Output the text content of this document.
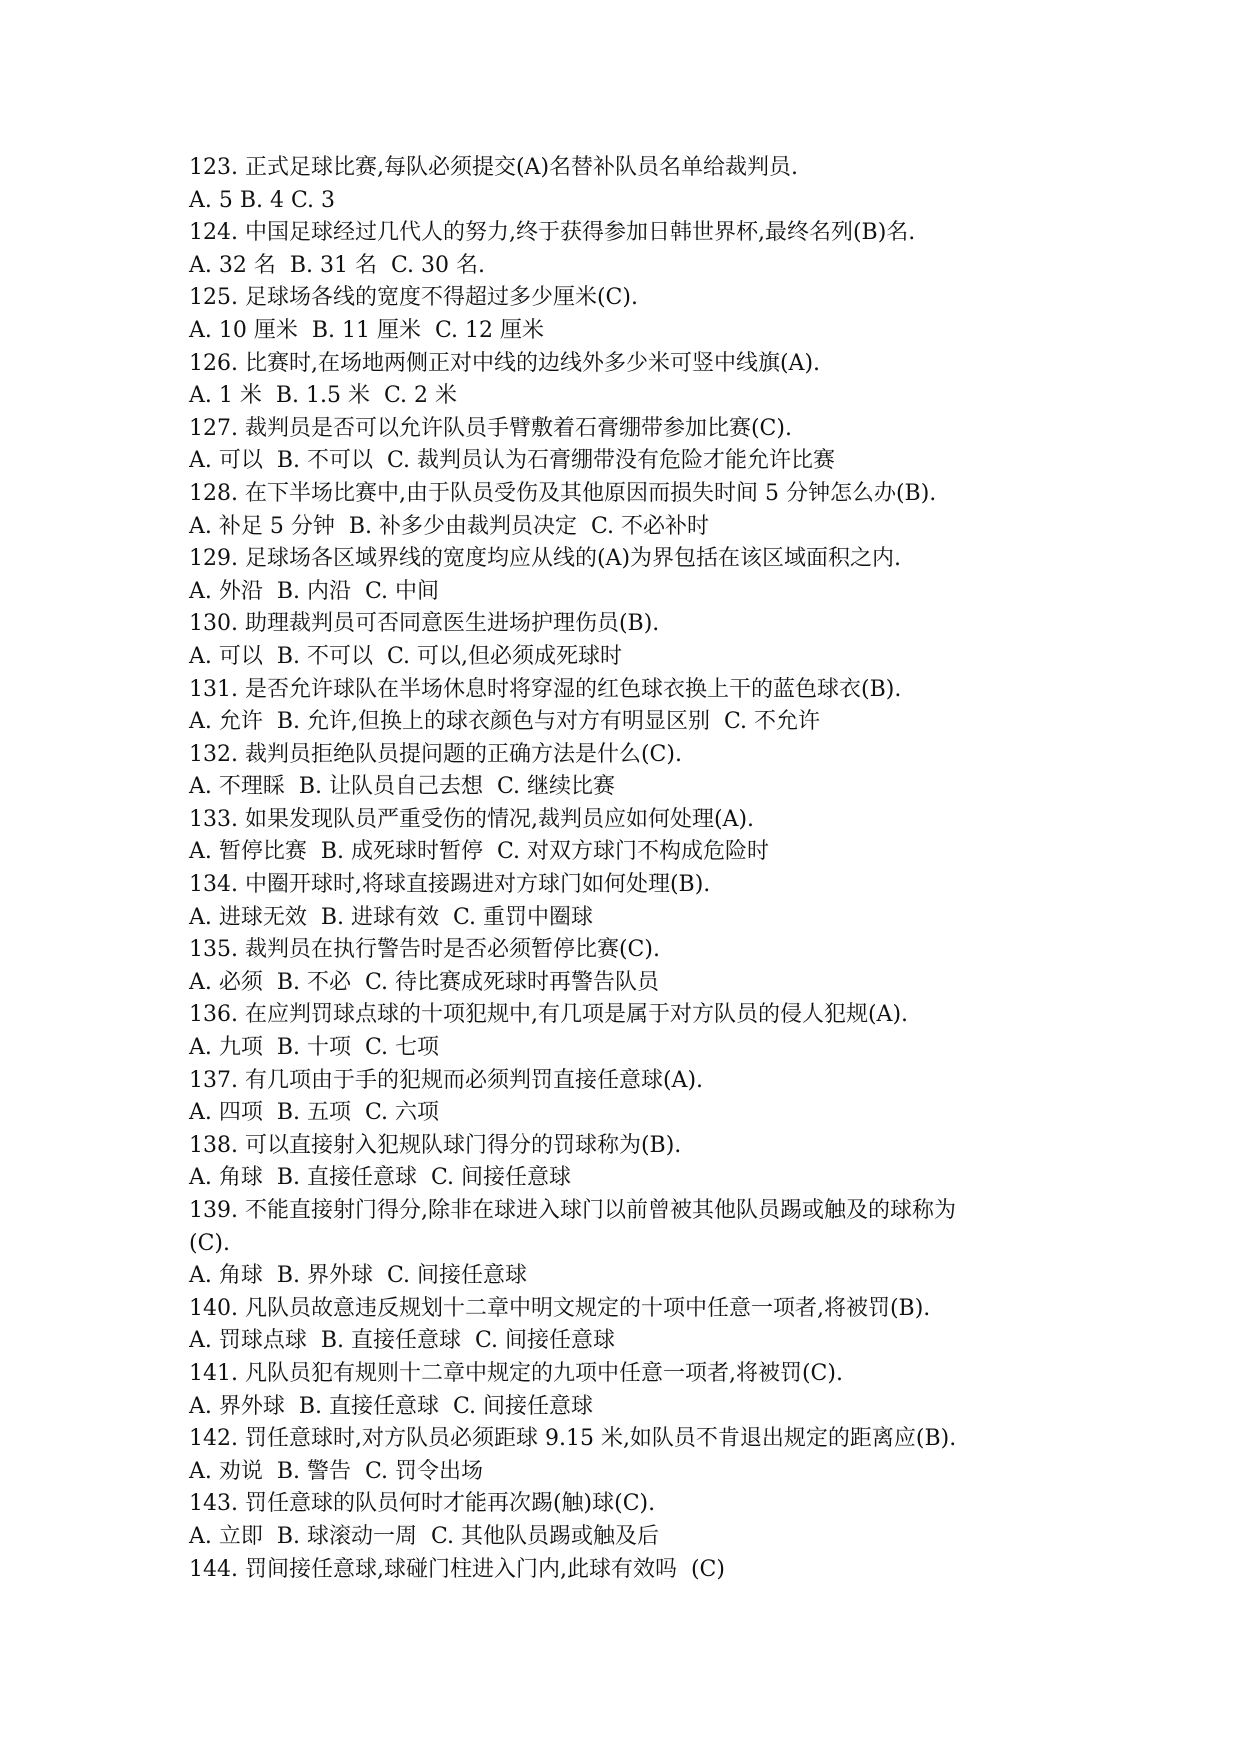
123. 正式足球比赛,每队必须提交(A)名替补队员名单给裁判员.

A. 5 B. 4 C. 3

124. 中国足球经过几代人的努力,终于获得参加日韩世界杯,最终名列(B)名.

A. 32 名  B. 31 名  C. 30 名.

125. 足球场各线的宽度不得超过多少厘米(C).

A. 10 厘米  B. 11 厘米  C. 12 厘米

126. 比赛时,在场地两侧正对中线的边线外多少米可竖中线旗(A).

A. 1 米  B. 1.5 米  C. 2 米

127. 裁判员是否可以允许队员手臂敷着石膏绷带参加比赛(C).

A. 可以  B. 不可以  C. 裁判员认为石膏绷带没有危险才能允许比赛

128. 在下半场比赛中,由于队员受伤及其他原因而损失时间 5 分钟怎么办(B).

A. 补足 5 分钟  B. 补多少由裁判员决定  C. 不必补时

129. 足球场各区域界线的宽度均应从线的(A)为界包括在该区域面积之内.

A. 外沿  B. 内沿  C. 中间

130. 助理裁判员可否同意医生进场护理伤员(B).

A. 可以  B. 不可以  C. 可以,但必须成死球时

131. 是否允许球队在半场休息时将穿湿的红色球衣换上干的蓝色球衣(B).

A. 允许  B. 允许,但换上的球衣颜色与对方有明显区别  C. 不允许

132. 裁判员拒绝队员提问题的正确方法是什么(C).

A. 不理睬  B. 让队员自己去想  C. 继续比赛

133. 如果发现队员严重受伤的情况,裁判员应如何处理(A).

A. 暂停比赛  B. 成死球时暂停  C. 对双方球门不构成危险时

134. 中圈开球时,将球直接踢进对方球门如何处理(B).

A. 进球无效  B. 进球有效  C. 重罚中圈球

135. 裁判员在执行警告时是否必须暂停比赛(C).

A. 必须  B. 不必  C. 待比赛成死球时再警告队员

136. 在应判罚球点球的十项犯规中,有几项是属于对方队员的侵人犯规(A).

A. 九项  B. 十项  C. 七项

137. 有几项由于手的犯规而必须判罚直接任意球(A).

A. 四项  B. 五项  C. 六项

138. 可以直接射入犯规队球门得分的罚球称为(B).

A. 角球  B. 直接任意球  C. 间接任意球

139. 不能直接射门得分,除非在球进入球门以前曾被其他队员踢或触及的球称为

(C).

A. 角球  B. 界外球  C. 间接任意球

140. 凡队员故意违反规划十二章中明文规定的十项中任意一项者,将被罚(B).

A. 罚球点球  B. 直接任意球  C. 间接任意球

141. 凡队员犯有规则十二章中规定的九项中任意一项者,将被罚(C).

A. 界外球  B. 直接任意球  C. 间接任意球

142. 罚任意球时,对方队员必须距球 9.15 米,如队员不肯退出规定的距离应(B).

A. 劝说  B. 警告  C. 罚令出场

143. 罚任意球的队员何时才能再次踢(触)球(C).

A. 立即  B. 球滚动一周  C. 其他队员踢或触及后

144. 罚间接任意球,球碰门柱进入门内,此球有效吗  (C)
